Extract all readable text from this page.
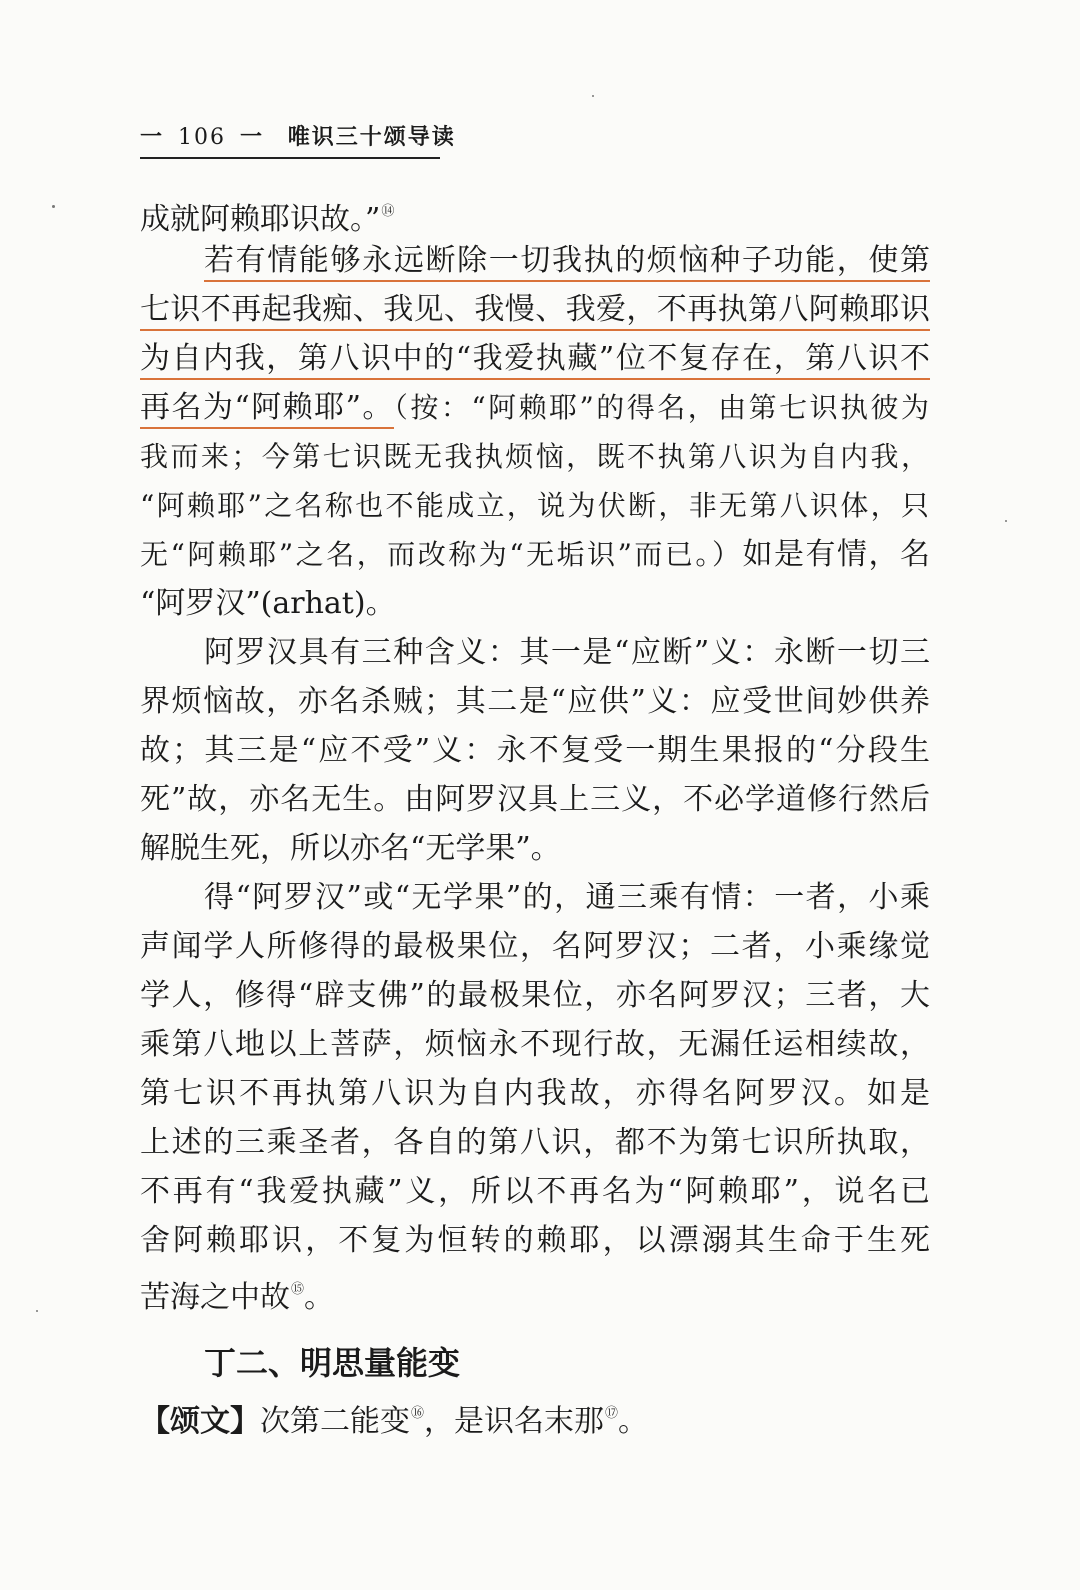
一 106 一 唯识三十颂导读
成就阿赖耶识故。”⑭
若有情能够永远断除一切我执的烦恼种子功能，使第
七识不再起我痴、我见、我慢、我爱，不再执第八阿赖耶识
为自内我，第八识中的“我爱执藏”位不复存在，第八识不
再名为“阿赖耶”。（按：“阿赖耶”的得名，由第七识执彼为
我而来；今第七识既无我执烦恼，既不执第八识为自内我，
“阿赖耶”之名称也不能成立，说为伏断，非无第八识体，只
无“阿赖耶”之名，而改称为“无垢识”而已。）如是有情，名
“阿罗汉”(arhat)。
阿罗汉具有三种含义：其一是“应断”义：永断一切三
界烦恼故，亦名杀贼；其二是“应供”义：应受世间妙供养
故；其三是“应不受”义：永不复受一期生果报的“分段生
死”故，亦名无生。由阿罗汉具上三义，不必学道修行然后
解脱生死，所以亦名“无学果”。
得“阿罗汉”或“无学果”的，通三乘有情：一者，小乘
声闻学人所修得的最极果位，名阿罗汉；二者，小乘缘觉
学人，修得“辟支佛”的最极果位，亦名阿罗汉；三者，大
乘第八地以上菩萨，烦恼永不现行故，无漏任运相续故，
第七识不再执第八识为自内我故，亦得名阿罗汉。如是
上述的三乘圣者，各自的第八识，都不为第七识所执取，
不再有“我爱执藏”义，所以不再名为“阿赖耶”，说名已
舍阿赖耶识，不复为恒转的赖耶，以漂溺其生命于生死
苦海之中故⑮。
丁二、明思量能变
【颂文】次第二能变⑯，是识名末那⑰。
